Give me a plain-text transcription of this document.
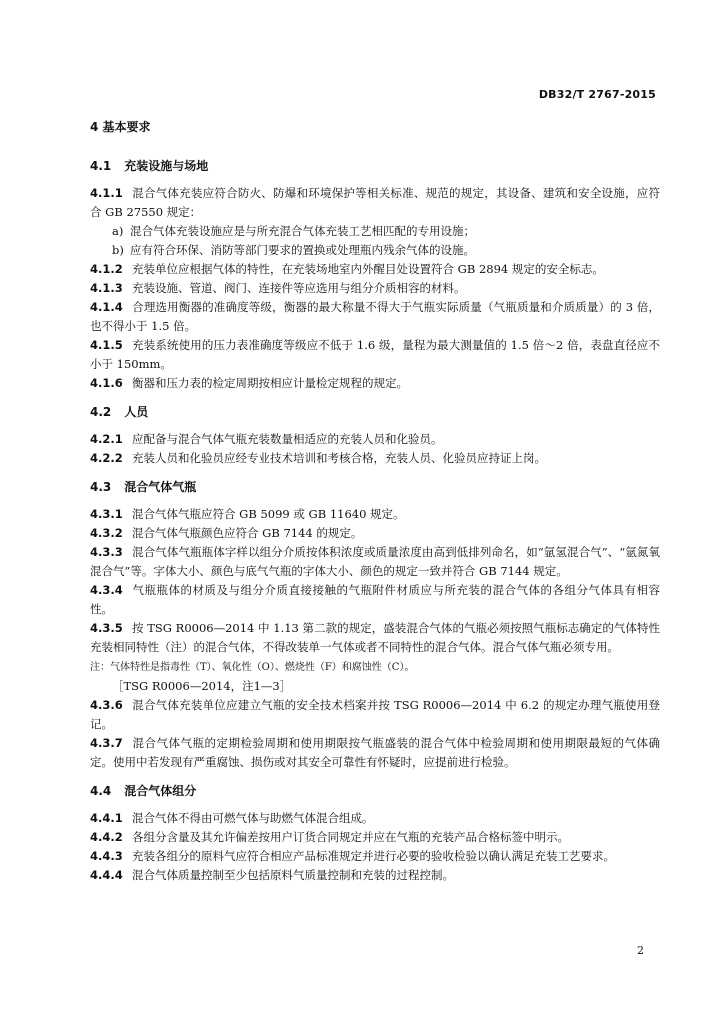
DB32/T 2767-2015
4 基本要求
4.1 充装设施与场地

4.1.1 混合气体充装应符合防火、防爆和环境保护等相关标准、规范的规定，其设备、建筑和安全设施，应符合 GB 27550 规定：

a) 混合气体充装设施应是与所充混合气体充装工艺相匹配的专用设施；

b) 应有符合环保、消防等部门要求的置换或处理瓶内残余气体的设施。

4.1.2 充装单位应根据气体的特性，在充装场地室内外醒目处设置符合 GB 2894 规定的安全标志。

4.1.3 充装设施、管道、阀门、连接件等应选用与组分介质相容的材料。

4.1.4 合理选用衡器的准确度等级，衡器的最大称量不得大于气瓶实际质量（气瓶质量和介质质量）的 3 倍，也不得小于 1.5 倍。

4.1.5 充装系统使用的压力表准确度等级应不低于 1.6 级，量程为最大测量值的 1.5 倍～2 倍，表盘直径应不小于 150mm。

4.1.6 衡器和压力表的检定周期按相应计量检定规程的规定。

4.2 人员

4.2.1 应配备与混合气体气瓶充装数量相适应的充装人员和化验员。

4.2.2 充装人员和化验员应经专业技术培训和考核合格，充装人员、化验员应持证上岗。

4.3 混合气体气瓶

4.3.1 混合气体气瓶应符合 GB 5099 或 GB 11640 规定。

4.3.2 混合气体气瓶颜色应符合 GB 7144 的规定。

4.3.3 混合气体气瓶瓶体字样以组分介质按体积浓度或质量浓度由高到低排列命名，如“氩氢混合气”、“氩氮氧混合气”等。字体大小、颜色与底气气瓶的字体大小、颜色的规定一致并符合 GB 7144 规定。

4.3.4 气瓶瓶体的材质及与组分介质直接接触的气瓶附件材质应与所充装的混合气体的各组分气体具有相容性。

4.3.5 按 TSG R0006—2014 中 1.13 第二款的规定，盛装混合气体的气瓶必须按照气瓶标志确定的气体特性充装相同特性（注）的混合气体，不得改装单一气体或者不同特性的混合气体。混合气体气瓶必须专用。

注：气体特性是指毒性（T）、氧化性（O）、燃烧性（F）和腐蚀性（C）。

［TSG R0006—2014，注1—3］

4.3.6 混合气体充装单位应建立气瓶的安全技术档案并按 TSG R0006—2014 中 6.2 的规定办理气瓶使用登记。

4.3.7 混合气体气瓶的定期检验周期和使用期限按气瓶盛装的混合气体中检验周期和使用期限最短的气体确定。使用中若发现有严重腐蚀、损伤或对其安全可靠性有怀疑时，应提前进行检验。

4.4 混合气体组分

4.4.1 混合气体不得由可燃气体与助燃气体混合组成。

4.4.2 各组分含量及其允许偏差按用户订货合同规定并应在气瓶的充装产品合格标签中明示。

4.4.3 充装各组分的原料气应符合相应产品标准规定并进行必要的验收检验以确认满足充装工艺要求。

4.4.4 混合气体质量控制至少包括原料气质量控制和充装的过程控制。

2
